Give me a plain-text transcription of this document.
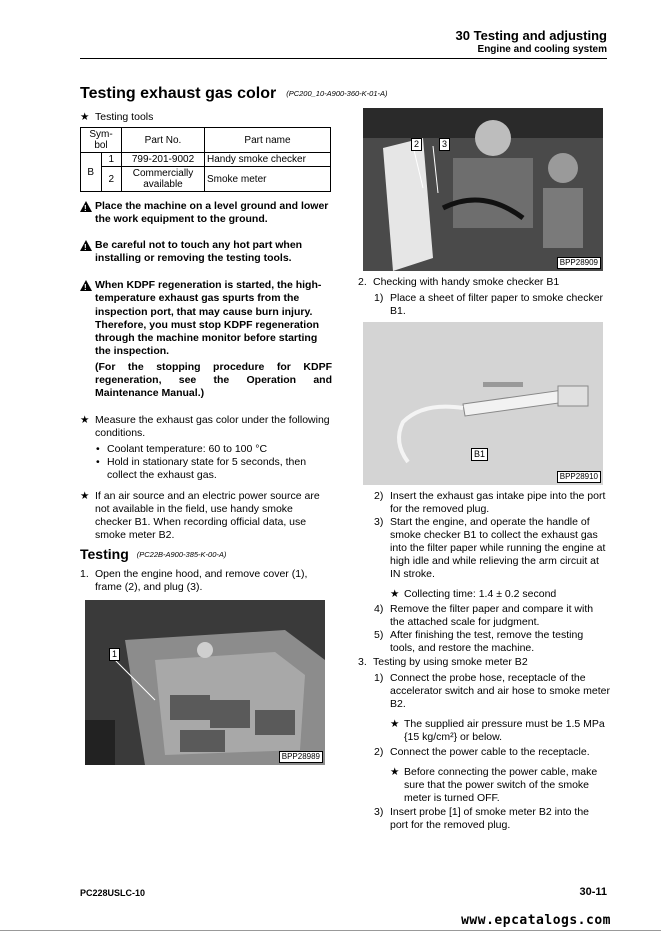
30 Testing and adjusting
Engine and cooling system
Testing exhaust gas color (PC200_10-A900-360-K-01-A)
★ Testing tools
Sym-
bol		Part No.	Part name
B	1	799-201-9002	Handy smoke checker
	2	Commercially available	Smoke meter
!
Place the machine on a level ground and lower the work equipment to the ground.
!
Be careful not to touch any hot part when installing or removing the testing tools.
!
When KDPF regeneration is started, the high-temperature exhaust gas spurts from the inspection port, that may cause burn injury. Therefore, you must stop KDPF regeneration through the machine monitor before starting the inspection.
(For the stopping procedure for KDPF regeneration, see the Operation and Maintenance Manual.)
★ Measure the exhaust gas color under the following conditions.
• Coolant temperature: 60 to 100 °C
• Hold in stationary state for 5 seconds, then collect the exhaust gas.
★ If an air source and an electric power source are not available in the field, use handy smoke checker B1. When recording official data, use smoke meter B2.
Testing (PC22B-A900-385-K-00-A)
1. Open the engine hood, and remove cover (1), frame (2), and plug (3).
1
BPP28989
2	3
BPP28909
2. Checking with handy smoke checker B1
1) Place a sheet of filter paper to smoke checker B1.
B1
BPP28910
2) Insert the exhaust gas intake pipe into the port for the removed plug.
3) Start the engine, and operate the handle of smoke checker B1 to collect the exhaust gas into the filter paper while running the engine at high idle and while relieving the arm circuit at IN stroke.
★ Collecting time: 1.4 ± 0.2 second
4) Remove the filter paper and compare it with the attached scale for judgment.
5) After finishing the test, remove the testing tools, and restore the machine.
3. Testing by using smoke meter B2
1) Connect the probe hose, receptacle of the accelerator switch and air hose to smoke meter B2.
★ The supplied air pressure must be 1.5 MPa {15 kg/cm²} or below.
2) Connect the power cable to the receptacle.
★ Before connecting the power cable, make sure that the power switch of the smoke meter is turned OFF.
3) Insert probe [1] of smoke meter B2 into the port for the removed plug.
PC228USLC-10	30-11
www.epcatalogs.com
